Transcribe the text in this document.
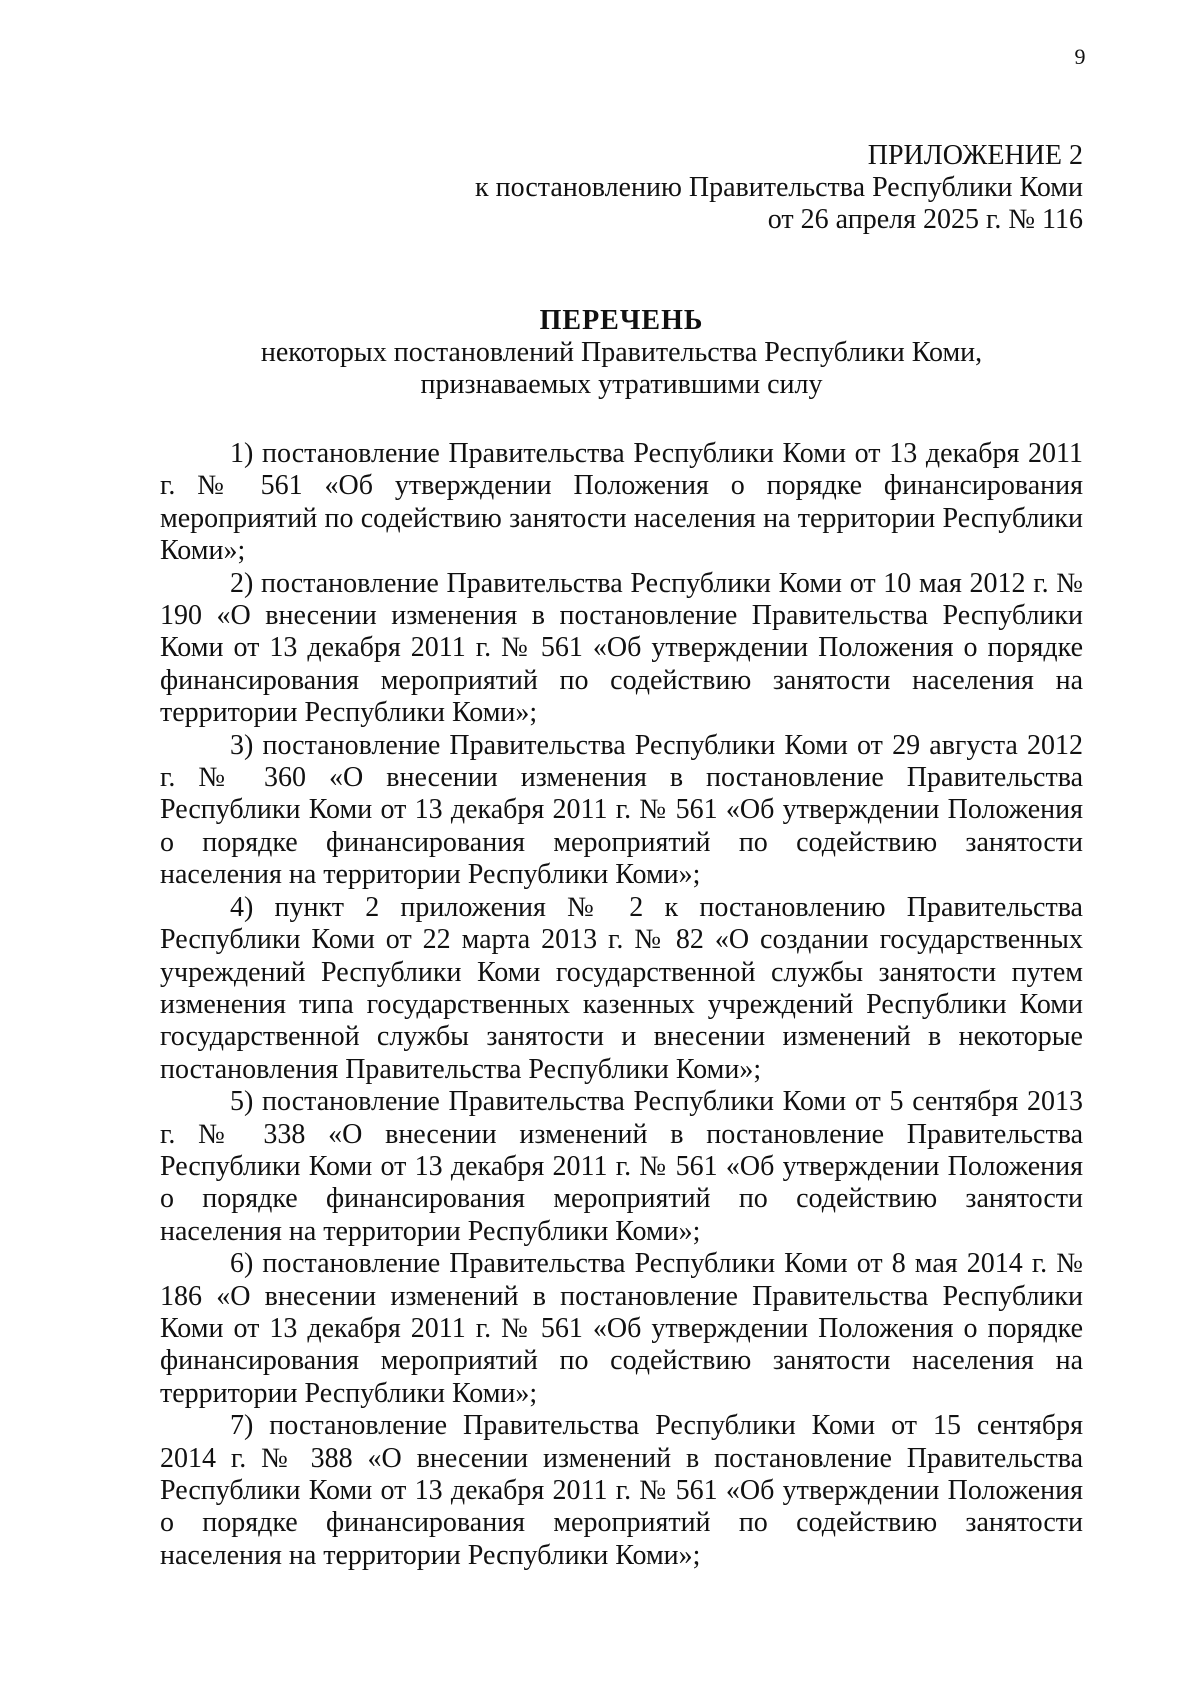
9
ПРИЛОЖЕНИЕ 2
к постановлению Правительства Республики Коми
от 26 апреля 2025 г. № 116
ПЕРЕЧЕНЬ
некоторых постановлений Правительства Республики Коми,
признаваемых утратившими силу

1) постановление Правительства Республики Коми от 13 декабря 2011 г. № 561 «Об утверждении Положения о порядке финансирования мероприятий по содействию занятости населения на территории Республики Коми»;

2) постановление Правительства Республики Коми от 10 мая 2012 г. № 190 «О внесении изменения в постановление Правительства Республики Коми от 13 декабря 2011 г. № 561 «Об утверждении Положения о порядке финансирования мероприятий по содействию занятости населения на территории Республики Коми»;

3) постановление Правительства Республики Коми от 29 августа 2012 г. № 360 «О внесении изменения в постановление Правительства Республики Коми от 13 декабря 2011 г. № 561 «Об утверждении Положения о порядке финансирования мероприятий по содействию занятости населения на территории Республики Коми»;

4) пункт 2 приложения № 2 к постановлению Правительства Республики Коми от 22 марта 2013 г. № 82 «О создании государственных учреждений Республики Коми государственной службы занятости путем изменения типа государственных казенных учреждений Республики Коми государственной службы занятости и внесении изменений в некоторые постановления Правительства Республики Коми»;

5) постановление Правительства Республики Коми от 5 сентября 2013 г. № 338 «О внесении изменений в постановление Правительства Республики Коми от 13 декабря 2011 г. № 561 «Об утверждении Положения о порядке финансирования мероприятий по содействию занятости населения на территории Республики Коми»;

6) постановление Правительства Республики Коми от 8 мая 2014 г. № 186 «О внесении изменений в постановление Правительства Республики Коми от 13 декабря 2011 г. № 561 «Об утверждении Положения о порядке финансирования мероприятий по содействию занятости населения на территории Республики Коми»;

7) постановление Правительства Республики Коми от 15 сентября 2014 г. № 388 «О внесении изменений в постановление Правительства Республики Коми от 13 декабря 2011 г. № 561 «Об утверждении Положения о порядке финансирования мероприятий по содействию занятости населения на территории Республики Коми»;
